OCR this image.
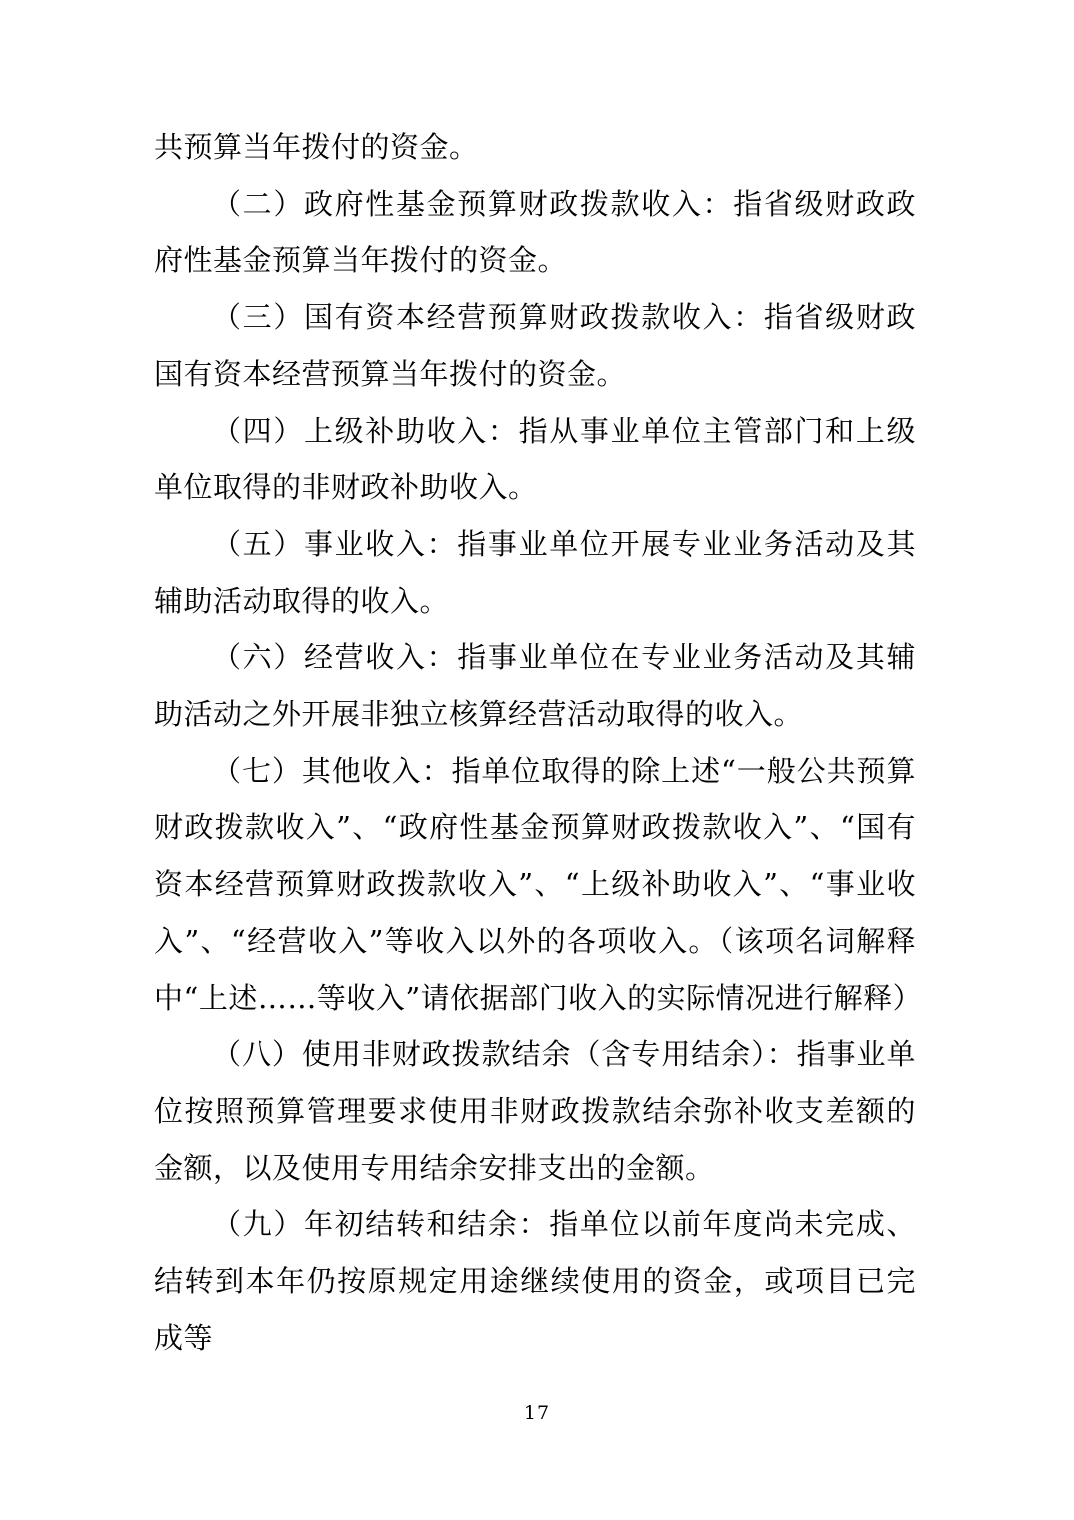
共预算当年拨付的资金。

（二）政府性基金预算财政拨款收入：指省级财政政府性基金预算当年拨付的资金。

（三）国有资本经营预算财政拨款收入：指省级财政国有资本经营预算当年拨付的资金。

（四）上级补助收入：指从事业单位主管部门和上级单位取得的非财政补助收入。

（五）事业收入：指事业单位开展专业业务活动及其辅助活动取得的收入。

（六）经营收入：指事业单位在专业业务活动及其辅助活动之外开展非独立核算经营活动取得的收入。

（七）其他收入：指单位取得的除上述“一般公共预算财政拨款收入”、“政府性基金预算财政拨款收入”、“国有资本经营预算财政拨款收入”、“上级补助收入”、“事业收入”、“经营收入”等收入以外的各项收入。（该项名词解释中“上述……等收入”请依据部门收入的实际情况进行解释）

（八）使用非财政拨款结余（含专用结余）：指事业单位按照预算管理要求使用非财政拨款结余弥补收支差额的金额，以及使用专用结余安排支出的金额。

（九）年初结转和结余：指单位以前年度尚未完成、结转到本年仍按原规定用途继续使用的资金，或项目已完成等

17
